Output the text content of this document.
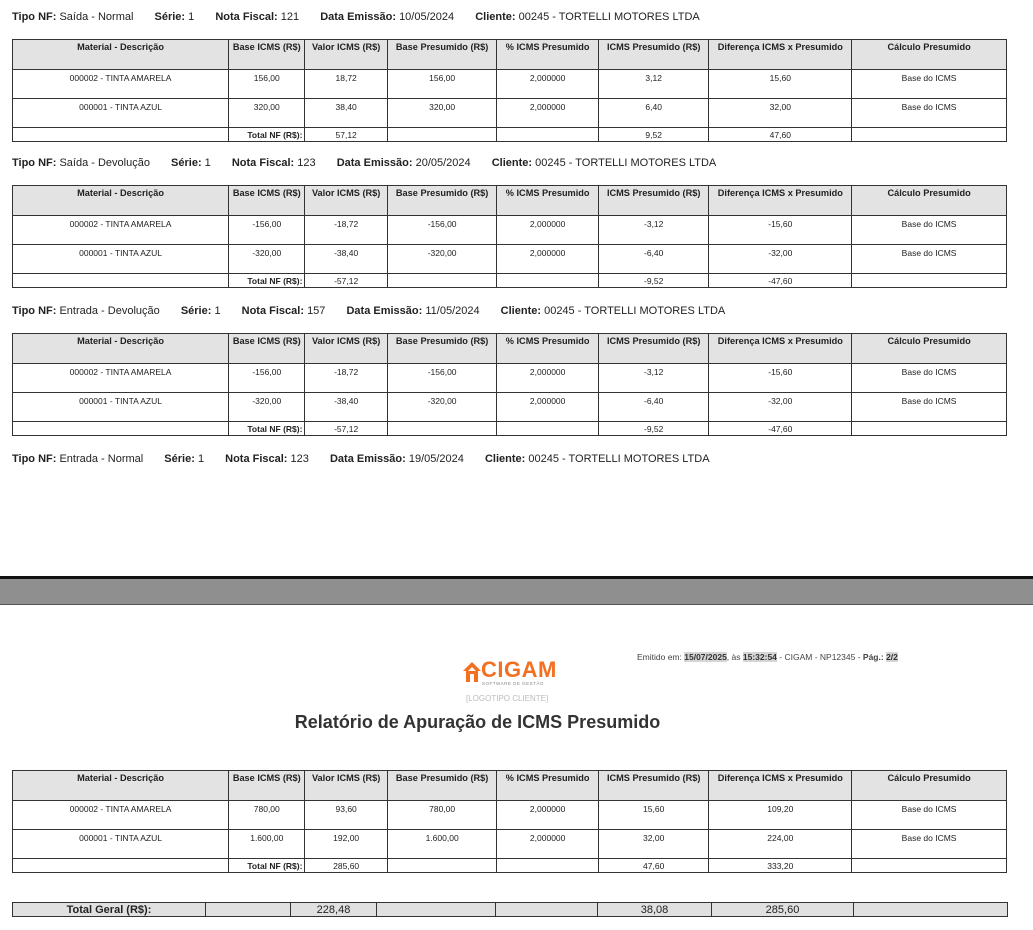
Tipo NF: Saída - Normal Série: 1 Nota Fiscal: 121 Data Emissão: 10/05/2024 Cliente: 00245 - TORTELLI MOTORES LTDA
Material - Descrição	Base ICMS (R$)	Valor ICMS (R$)	Base Presumido (R$)	% ICMS Presumido	ICMS Presumido (R$)	Diferença ICMS x Presumido	Cálculo Presumido
000002 - TINTA AMARELA	156,00	18,72	156,00	2,000000	3,12	15,60	Base do ICMS
000001 - TINTA AZUL	320,00	38,40	320,00	2,000000	6,40	32,00	Base do ICMS
	Total NF (R$):	57,12			9,52	47,60	
Tipo NF: Saída - Devolução Série: 1 Nota Fiscal: 123 Data Emissão: 20/05/2024 Cliente: 00245 - TORTELLI MOTORES LTDA
Material - Descrição	Base ICMS (R$)	Valor ICMS (R$)	Base Presumido (R$)	% ICMS Presumido	ICMS Presumido (R$)	Diferença ICMS x Presumido	Cálculo Presumido
000002 - TINTA AMARELA	-156,00	-18,72	-156,00	2,000000	-3,12	-15,60	Base do ICMS
000001 - TINTA AZUL	-320,00	-38,40	-320,00	2,000000	-6,40	-32,00	Base do ICMS
	Total NF (R$):	-57,12			-9,52	-47,60	
Tipo NF: Entrada - Devolução Série: 1 Nota Fiscal: 157 Data Emissão: 11/05/2024 Cliente: 00245 - TORTELLI MOTORES LTDA
Material - Descrição	Base ICMS (R$)	Valor ICMS (R$)	Base Presumido (R$)	% ICMS Presumido	ICMS Presumido (R$)	Diferença ICMS x Presumido	Cálculo Presumido
000002 - TINTA AMARELA	-156,00	-18,72	-156,00	2,000000	-3,12	-15,60	Base do ICMS
000001 - TINTA AZUL	-320,00	-38,40	-320,00	2,000000	-6,40	-32,00	Base do ICMS
	Total NF (R$):	-57,12			-9,52	-47,60	
Tipo NF: Entrada - Normal Série: 1 Nota Fiscal: 123 Data Emissão: 19/05/2024 Cliente: 00245 - TORTELLI MOTORES LTDA
CIGAM
SOFTWARE DE GESTÃO
[LOGOTIPO CLIENTE]
Emitido em: 15/07/2025, às 15:32:54 - CIGAM - NP12345 - Pág.: 2/2
Relatório de Apuração de ICMS Presumido
Material - Descrição	Base ICMS (R$)	Valor ICMS (R$)	Base Presumido (R$)	% ICMS Presumido	ICMS Presumido (R$)	Diferença ICMS x Presumido	Cálculo Presumido
000002 - TINTA AMARELA	780,00	93,60	780,00	2,000000	15,60	109,20	Base do ICMS
000001 - TINTA AZUL	1.600,00	192,00	1.600,00	2,000000	32,00	224,00	Base do ICMS
	Total NF (R$):	285,60			47,60	333,20	
Total Geral (R$):		228,48			38,08	285,60	
